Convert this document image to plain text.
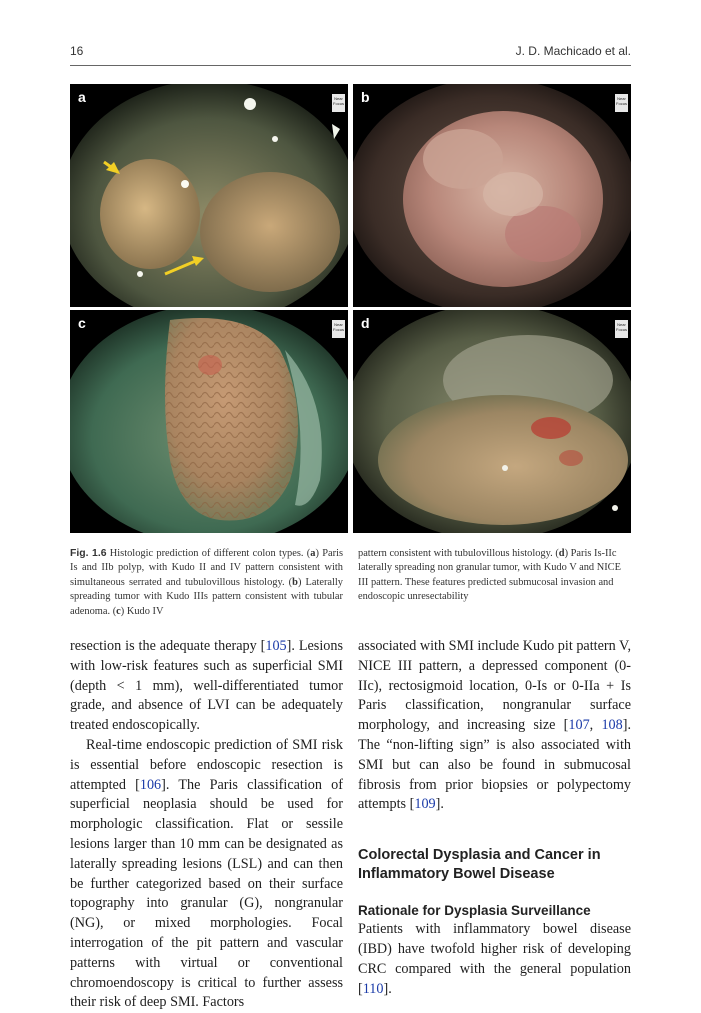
16	J. D. Machicado et al.
a	Near
Focus b	Near
Focus
c	Near
Focus d	Near
Focus
Fig. 1.6 Histologic prediction of different colon types. (a) Paris Is and IIb polyp, with Kudo II and IV pattern consistent with simultaneous serrated and tubulovillous histology. (b) Laterally spreading tumor with Kudo IIIs pattern consistent with tubular adenoma. (c) Kudo IV
pattern consistent with tubulovillous histology. (d) Paris Is-IIc laterally spreading non granular tumor, with Kudo V and NICE III pattern. These features predicted submucosal invasion and endoscopic unresectability

resection is the adequate therapy [105]. Lesions with low-risk features such as superficial SMI (depth < 1 mm), well-differentiated tumor grade, and absence of LVI can be adequately treated endoscopically.

Real-time endoscopic prediction of SMI risk is essential before endoscopic resection is attempted [106]. The Paris classification of superficial neoplasia should be used for morphologic classification. Flat or sessile lesions larger than 10 mm can be designated as laterally spreading lesions (LSL) and can then be further categorized based on their surface topography into granular (G), nongranular (NG), or mixed morphologies. Focal interrogation of the pit pattern and vascular patterns with virtual or conventional chromoendoscopy is critical to further assess their risk of deep SMI. Factors

associated with SMI include Kudo pit pattern V, NICE III pattern, a depressed component (0-IIc), rectosigmoid location, 0-Is or 0-IIa + Is Paris classification, nongranular surface morphology, and increasing size [107, 108]. The “non-lifting sign” is also associated with SMI but can also be found in submucosal fibrosis from prior biopsies or polypectomy attempts [109].

Colorectal Dysplasia and Cancer in Inflammatory Bowel Disease
Rationale for Dysplasia Surveillance

Patients with inflammatory bowel disease (IBD) have twofold higher risk of developing CRC compared with the general population [110].
